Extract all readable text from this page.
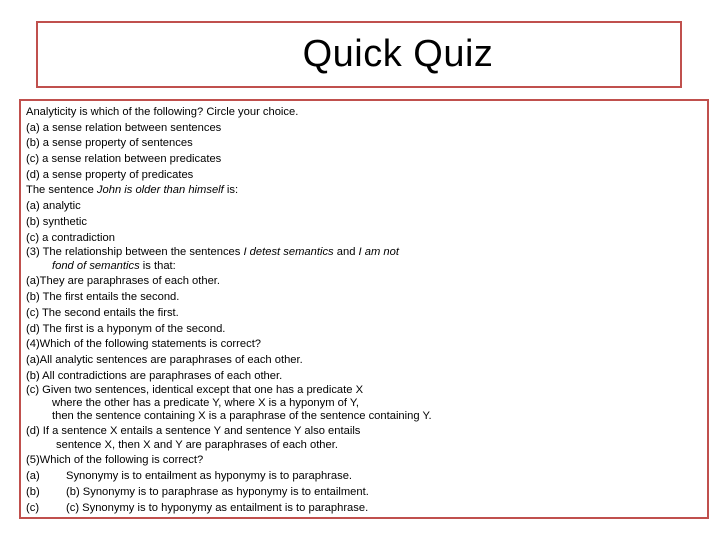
Quick Quiz
Analyticity is which of the following? Circle your choice.
(a) a sense relation between sentences
(b) a sense property of sentences
(c) a sense relation between predicates
(d) a sense property of predicates
The sentence John is older than himself is:
(a) analytic
(b) synthetic
(c) a contradiction
(3) The relationship between the sentences I detest semantics and I am not
fond of semantics is that:
(a)They are paraphrases of each other.
(b) The first entails the second.
(c) The second entails the first.
(d) The first is a hyponym of the second.
(4)Which of the following statements is correct?
(a)All analytic sentences are paraphrases of each other.
(b) All contradictions are paraphrases of each other.
(c) Given two sentences, identical except that one has a predicate X
where the other has a predicate Y, where X is a hyponym of Y,
then the sentence containing X is a paraphrase of the sentence containing Y.
(d) If a sentence X entails a sentence Y and sentence Y also entails
sentence X, then X and Y are paraphrases of each other.
(5)Which of the following is correct?
(a) Synonymy is to entailment as hyponymy is to paraphrase.
(b) (b) Synonymy is to paraphrase as hyponymy is to entailment.
(c) (c) Synonymy is to hyponymy as entailment is to paraphrase.
